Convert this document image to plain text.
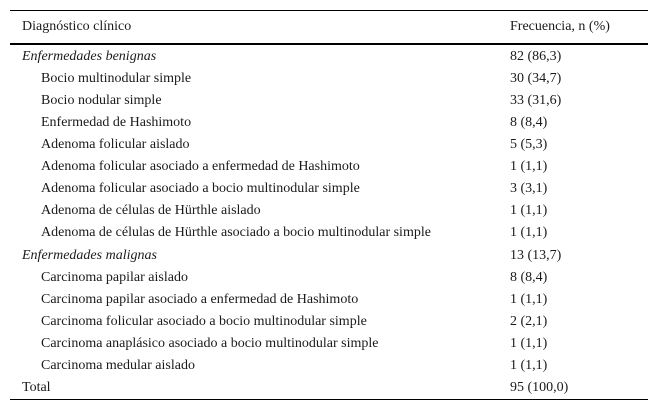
Diagnóstico clínico	Frecuencia, n (%)
Enfermedades benignas	82 (86,3)
Bocio multinodular simple	30 (34,7)
Bocio nodular simple	33 (31,6)
Enfermedad de Hashimoto	8 (8,4)
Adenoma folicular aislado	5 (5,3)
Adenoma folicular asociado a enfermedad de Hashimoto	1 (1,1)
Adenoma folicular asociado a bocio multinodular simple	3 (3,1)
Adenoma de células de Hürthle aislado	1 (1,1)
Adenoma de células de Hürthle asociado a bocio multinodular simple	1 (1,1)
Enfermedades malignas	13 (13,7)
Carcinoma papilar aislado	8 (8,4)
Carcinoma papilar asociado a enfermedad de Hashimoto	1 (1,1)
Carcinoma folicular asociado a bocio multinodular simple	2 (2,1)
Carcinoma anaplásico asociado a bocio multinodular simple	1 (1,1)
Carcinoma medular aislado	1 (1,1)
Total	95 (100,0)
